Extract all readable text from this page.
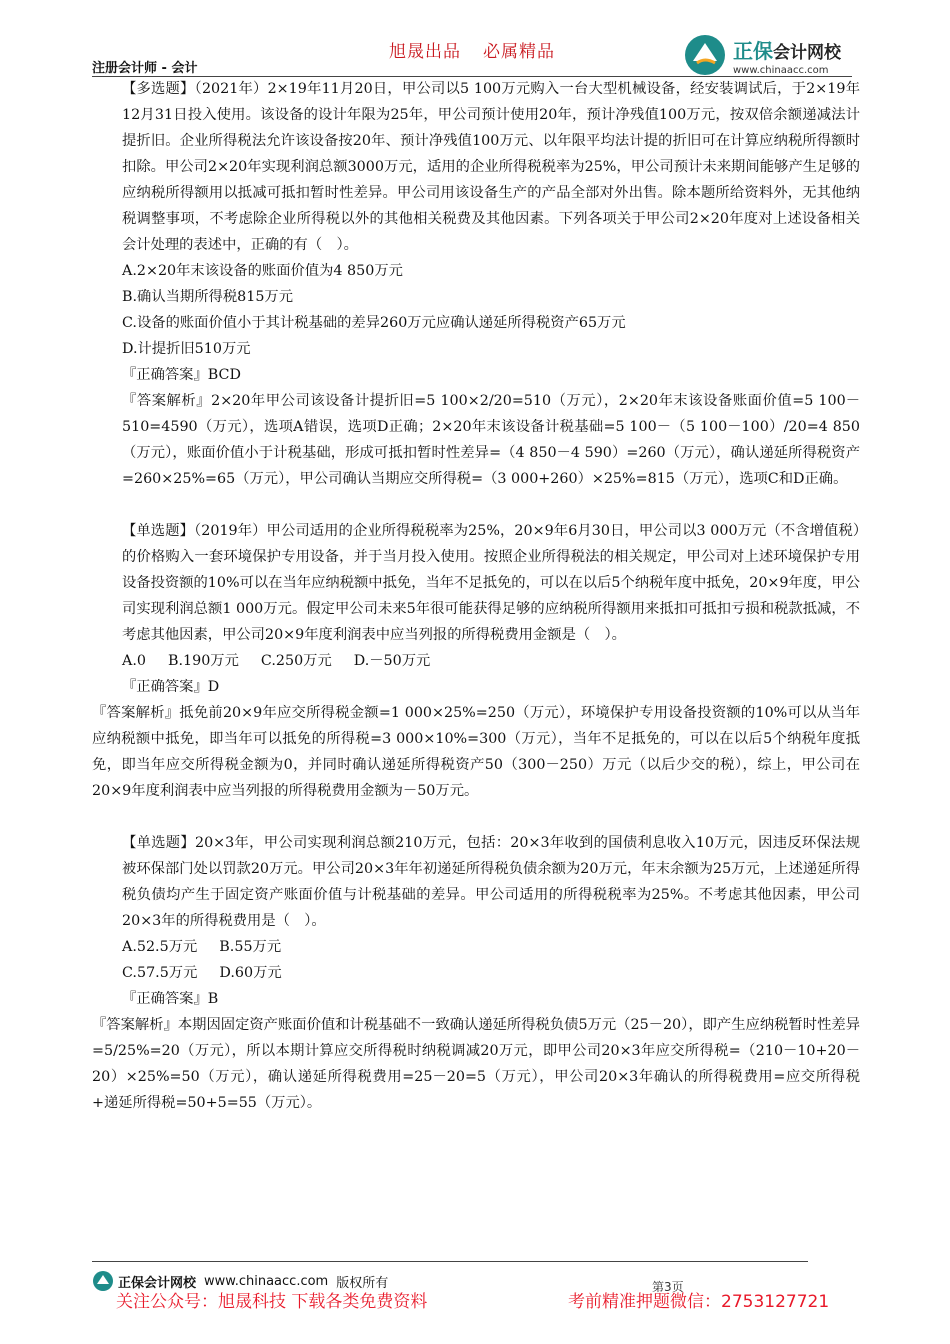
旭晟出品 必属精品
注册会计师 - 会计
正保会计网校
www.chinaacc.com

【多选题】（2021年）2×19年11月20日，甲公司以5 100万元购入一台大型机械设备，经安装调试后，于2×19年12月31日投入使用。该设备的设计年限为25年，甲公司预计使用20年，预计净残值100万元，按双倍余额递减法计提折旧。企业所得税法允许该设备按20年、预计净残值100万元、以年限平均法计提的折旧可在计算应纳税所得额时扣除。甲公司2×20年实现利润总额3000万元，适用的企业所得税税率为25%，甲公司预计未来期间能够产生足够的应纳税所得额用以抵减可抵扣暂时性差异。甲公司用该设备生产的产品全部对外出售。除本题所给资料外，无其他纳税调整事项，不考虑除企业所得税以外的其他相关税费及其他因素。下列各项关于甲公司2×20年度对上述设备相关会计处理的表述中，正确的有（　）。

A.2×20年末该设备的账面价值为4 850万元

B.确认当期所得税815万元

C.设备的账面价值小于其计税基础的差异260万元应确认递延所得税资产65万元

D.计提折旧510万元

『正确答案』BCD

『答案解析』2×20年甲公司该设备计提折旧=5 100×2/20=510（万元），2×20年末该设备账面价值=5 100－510=4590（万元），选项A错误，选项D正确；2×20年末该设备计税基础=5 100－（5 100－100）/20=4 850（万元），账面价值小于计税基础，形成可抵扣暂时性差异=（4 850－4 590）=260（万元），确认递延所得税资产=260×25%=65（万元），甲公司确认当期应交所得税=（3 000+260）×25%=815（万元），选项C和D正确。

【单选题】（2019年）甲公司适用的企业所得税税率为25%，20×9年6月30日，甲公司以3 000万元（不含增值税）的价格购入一套环境保护专用设备，并于当月投入使用。按照企业所得税法的相关规定，甲公司对上述环境保护专用设备投资额的10%可以在当年应纳税额中抵免，当年不足抵免的，可以在以后5个纳税年度中抵免，20×9年度，甲公司实现利润总额1 000万元。假定甲公司未来5年很可能获得足够的应纳税所得额用来抵扣可抵扣亏损和税款抵减，不考虑其他因素，甲公司20×9年度利润表中应当列报的所得税费用金额是（　）。

A.0 B.190万元 C.250万元 D.－50万元

『正确答案』D

『答案解析』抵免前20×9年应交所得税金额=1 000×25%=250（万元），环境保护专用设备投资额的10%可以从当年应纳税额中抵免，即当年可以抵免的所得税=3 000×10%=300（万元），当年不足抵免的，可以在以后5个纳税年度抵免，即当年应交所得税金额为0，并同时确认递延所得税资产50（300－250）万元（以后少交的税），综上，甲公司在20×9年度利润表中应当列报的所得税费用金额为－50万元。

【单选题】20×3年，甲公司实现利润总额210万元，包括：20×3年收到的国债利息收入10万元，因违反环保法规被环保部门处以罚款20万元。甲公司20×3年年初递延所得税负债余额为20万元，年末余额为25万元，上述递延所得税负债均产生于固定资产账面价值与计税基础的差异。甲公司适用的所得税税率为25%。不考虑其他因素，甲公司20×3年的所得税费用是（　）。

A.52.5万元 B.55万元

C.57.5万元 D.60万元

『正确答案』B

『答案解析』本期因固定资产账面价值和计税基础不一致确认递延所得税负债5万元（25－20），即产生应纳税暂时性差异=5/25%=20（万元），所以本期计算应交所得税时纳税调减20万元，即甲公司20×3年应交所得税=（210－10+20－20）×25%=50（万元），确认递延所得税费用=25－20=5（万元），甲公司20×3年确认的所得税费用=应交所得税+递延所得税=50+5=55（万元）。

正保会计网校 www.chinaacc.com 版权所有	第3页
关注公众号：旭晟科技 下载各类免费资料	考前精准押题微信：2753127721
